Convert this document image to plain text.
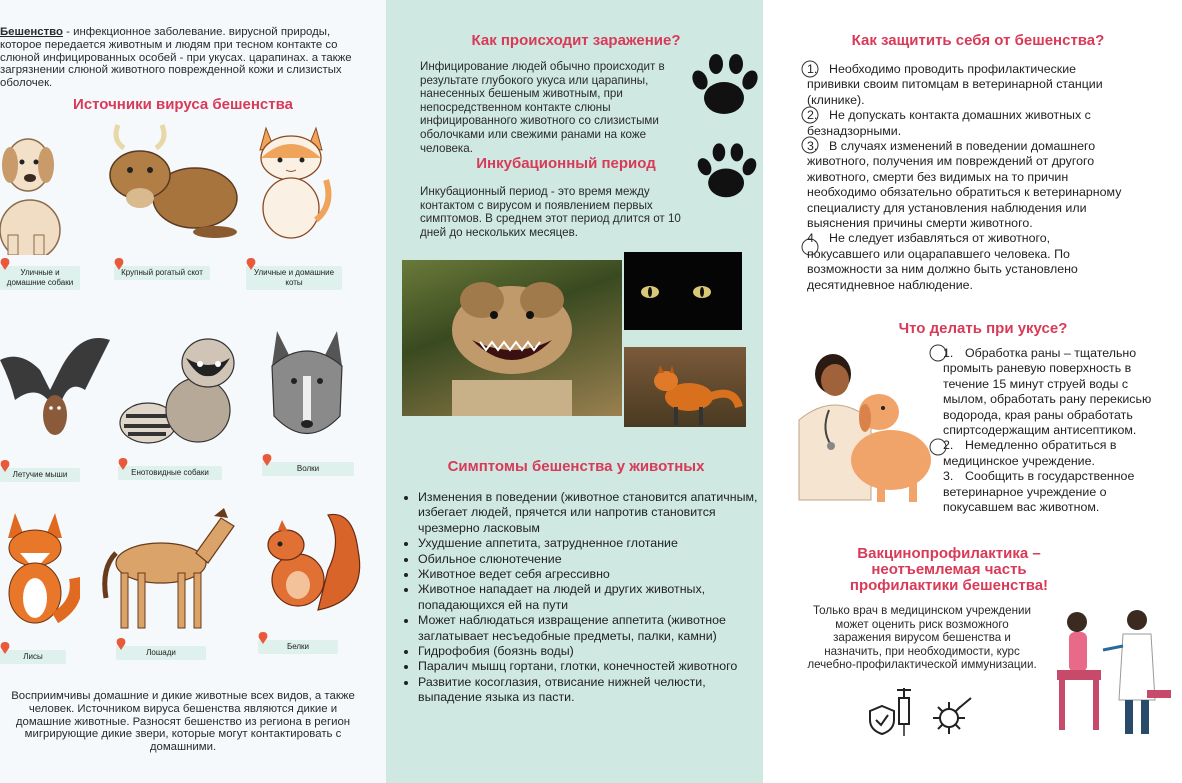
Бешенство - инфекционное заболевание. вирусной природы, которое передается животным и людям при тесном контакте со слюной инфицированных особей - при укусах. царапинах. а также загрязнении слюной животного поврежденной кожи и слизистых оболочек.
Источники вируса бешенства
Уличные и домашние собаки
Крупный рогатый скот	Уличные и домашние коты
Летучие мыши	Енотовидные собаки	Волки
Лисы	Лошади
Белки
Восприимчивы домашние и дикие животные всех видов, а также человек. Источником вируса бешенства являются дикие и домашние животные. Разносят бешенство из региона в регион мигрирующие дикие звери, которые могут контактировать с домашними.
Как происходит заражение?
Инфицирование людей обычно происходит в результате глубокого укуса или царапины, нанесенных бешеным животным, при непосредственном контакте слюны инфицированного животного со слизистыми оболочками или свежими ранами на коже человека.
Инкубационный период
Инкубационный период - это время между контактом с вирусом и появлением первых симптомов. В среднем этот период длится от 10 дней до нескольких месяцев.
Симптомы бешенства у животных
• Изменения в поведении (животное становится апатичным, избегает людей, прячется или напротив становится чрезмерно ласковым
• Ухудшение аппетита, затрудненное глотание
• Обильное слюнотечение
• Животное ведет себя агрессивно
• Животное нападает на людей и других животных, попадающихся ей на пути
• Может наблюдаться извращение аппетита (животное заглатывает несъедобные предметы, палки, камни)
• Гидрофобия (боязнь воды)
• Паралич мышц гортани, глотки, конечностей животного
• Развитие косоглазия, отвисание нижней челюсти, выпадение языка из пасти.
Как защитить себя от бешенства?
1. Необходимо проводить профилактические прививки своим питомцам в ветеринарной станции (клинике).
2. Не допускать контакта домашних животных с безнадзорными.
3. В случаях изменений в поведении домашнего животного, получения им повреждений от другого животного, смерти без видимых на то причин необходимо обязательно обратиться к ветеринарному специалисту для установления наблюдения или выяснения причины смерти животного.
4. Не следует избавляться от животного, покусавшего или оцарапавшего человека. По возможности за ним должно быть установлено десятидневное наблюдение.
Что делать при укусе?
1. Обработка раны – тщательно промыть раневую поверхность в течение 15 минут струей воды с мылом, обработать рану перекисью водорода, края раны обработать спиртсодержащим антисептиком.
2. Немедленно обратиться в медицинское учреждение.
3. Сообщить в государственное ветеринарное учреждение о покусавшем вас животном.
Вакцинопрофилактика – неотъемлемая часть профилактики бешенства!
Только врач в медицинском учреждении может оценить риск возможного заражения вирусом бешенства и назначить, при необходимости, курс лечебно-профилактической иммунизации.
